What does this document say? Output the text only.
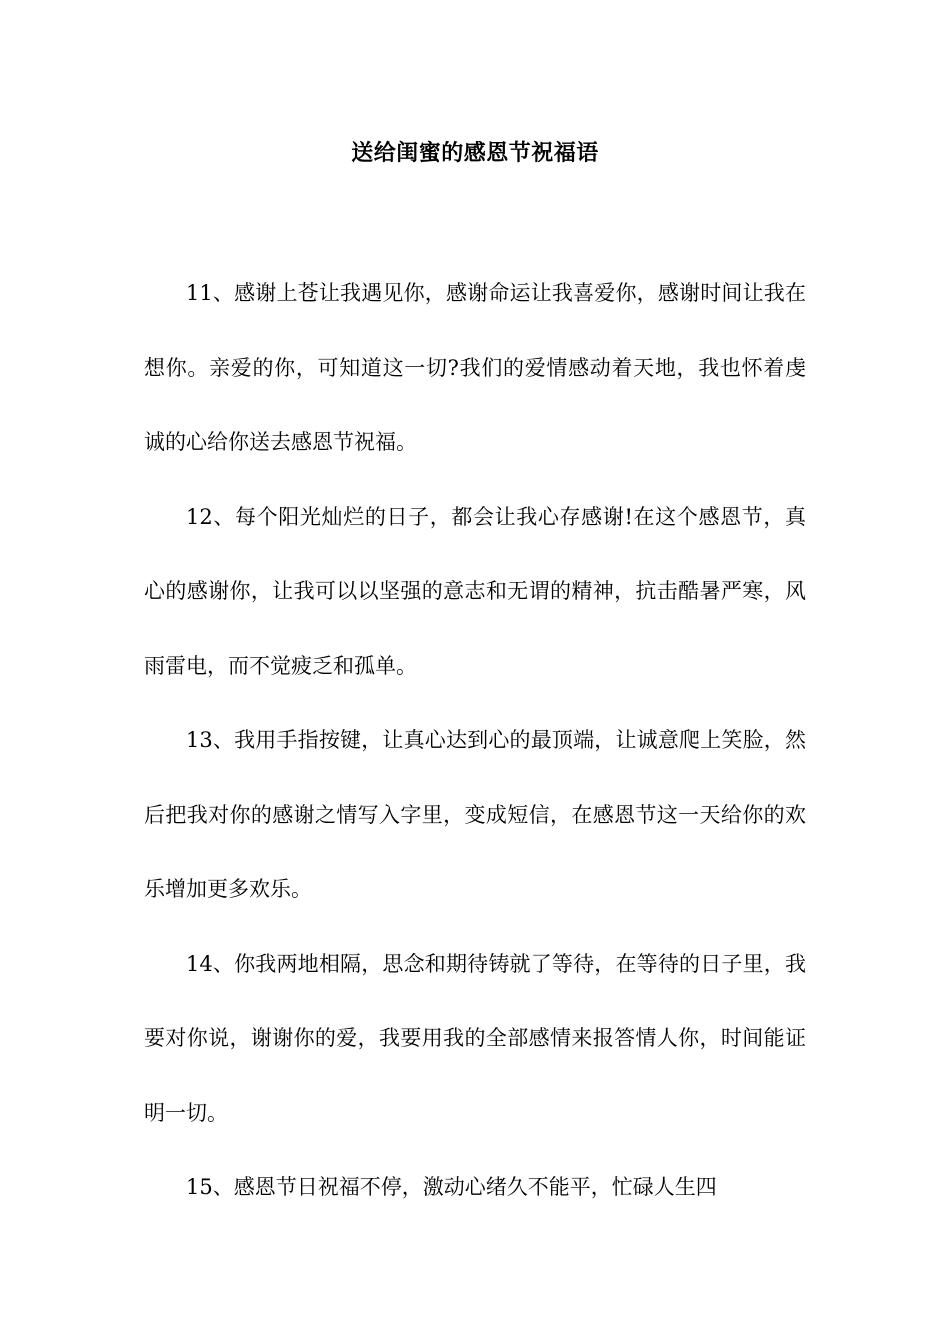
送给闺蜜的感恩节祝福语

11、感谢上苍让我遇见你，感谢命运让我喜爱你，感谢时间让我在想你。亲爱的你，可知道这一切?我们的爱情感动着天地，我也怀着虔诚的心给你送去感恩节祝福。

12、每个阳光灿烂的日子，都会让我心存感谢!在这个感恩节，真心的感谢你，让我可以以坚强的意志和无谓的精神，抗击酷暑严寒，风雨雷电，而不觉疲乏和孤单。

13、我用手指按键，让真心达到心的最顶端，让诚意爬上笑脸，然后把我对你的感谢之情写入字里，变成短信，在感恩节这一天给你的欢乐增加更多欢乐。

14、你我两地相隔，思念和期待铸就了等待，在等待的日子里，我要对你说，谢谢你的爱，我要用我的全部感情来报答情人你，时间能证明一切。

15、感恩节日祝福不停，激动心绪久不能平，忙碌人生四
